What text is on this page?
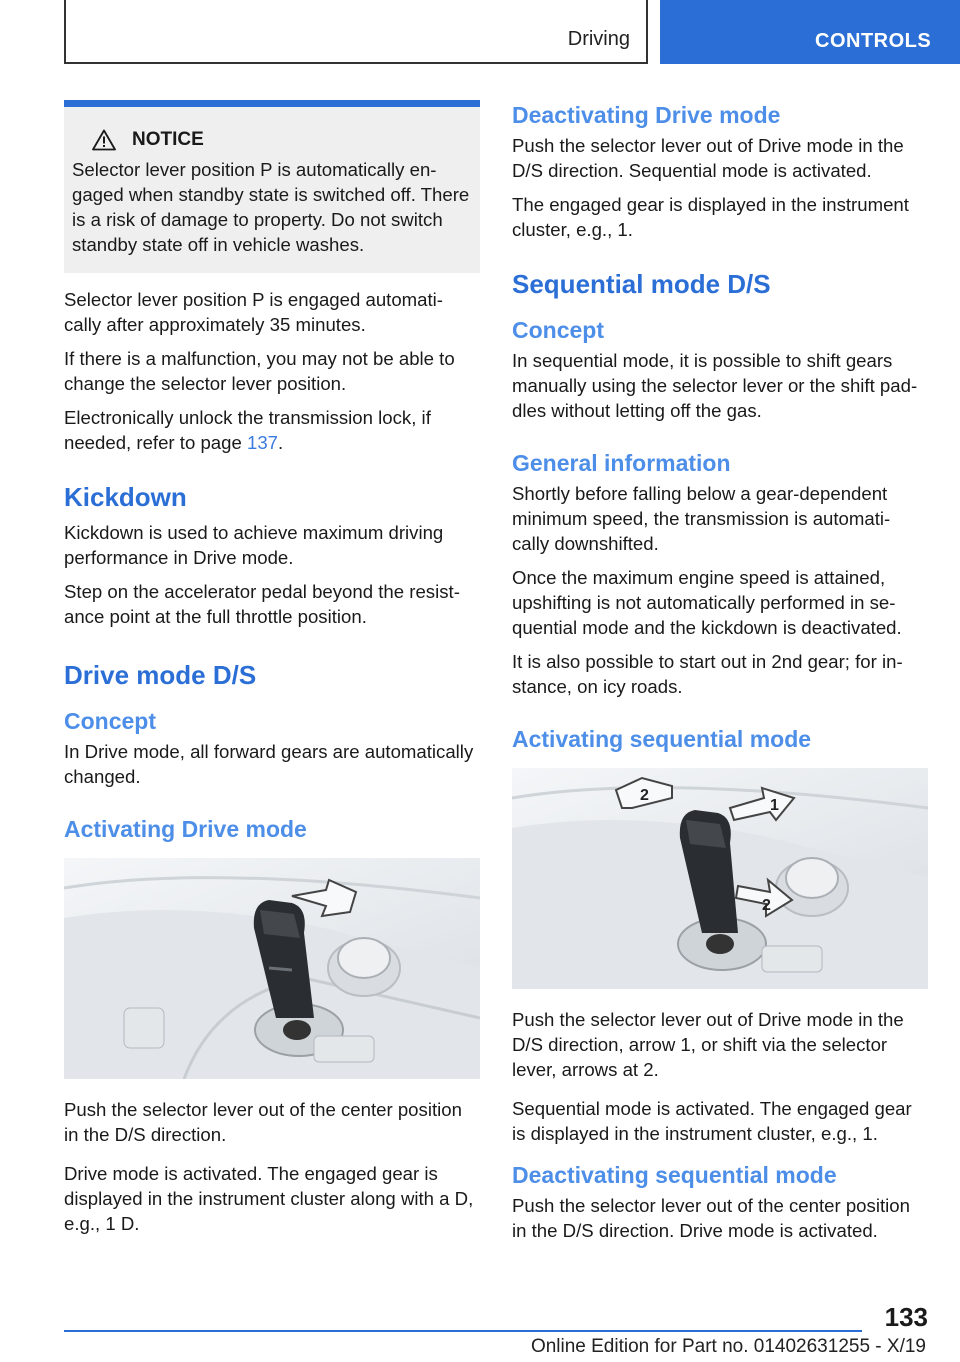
Driving	CONTROLS
NOTICE

Selector lever position P is automatically en- gaged when standby state is switched off. There is a risk of damage to property. Do not switch standby state off in vehicle washes.

Selector lever position P is engaged automati- cally after approximately 35 minutes.

If there is a malfunction, you may not be able to change the selector lever position.

Electronically unlock the transmission lock, if needed, refer to page 137.

Kickdown

Kickdown is used to achieve maximum driving performance in Drive mode.

Step on the accelerator pedal beyond the resist- ance point at the full throttle position.

Drive mode D/S
Concept

In Drive mode, all forward gears are automatically changed.

Activating Drive mode

Push the selector lever out of the center position in the D/S direction.

Drive mode is activated. The engaged gear is displayed in the instrument cluster along with a D, e.g., 1 D.

Deactivating Drive mode

Push the selector lever out of Drive mode in the D/S direction. Sequential mode is activated.

The engaged gear is displayed in the instrument cluster, e.g., 1.

Sequential mode D/S
Concept

In sequential mode, it is possible to shift gears manually using the selector lever or the shift pad- dles without letting off the gas.

General information

Shortly before falling below a gear-dependent minimum speed, the transmission is automati- cally downshifted.

Once the maximum engine speed is attained, upshifting is not automatically performed in se- quential mode and the kickdown is deactivated.

It is also possible to start out in 2nd gear; for in- stance, on icy roads.

Activating sequential mode
2
1
2

Push the selector lever out of Drive mode in the D/S direction, arrow 1, or shift via the selector lever, arrows at 2.

Sequential mode is activated. The engaged gear is displayed in the instrument cluster, e.g., 1.

Deactivating sequential mode

Push the selector lever out of the center position in the D/S direction. Drive mode is activated.

133
Online Edition for Part no. 01402631255 - X/19
